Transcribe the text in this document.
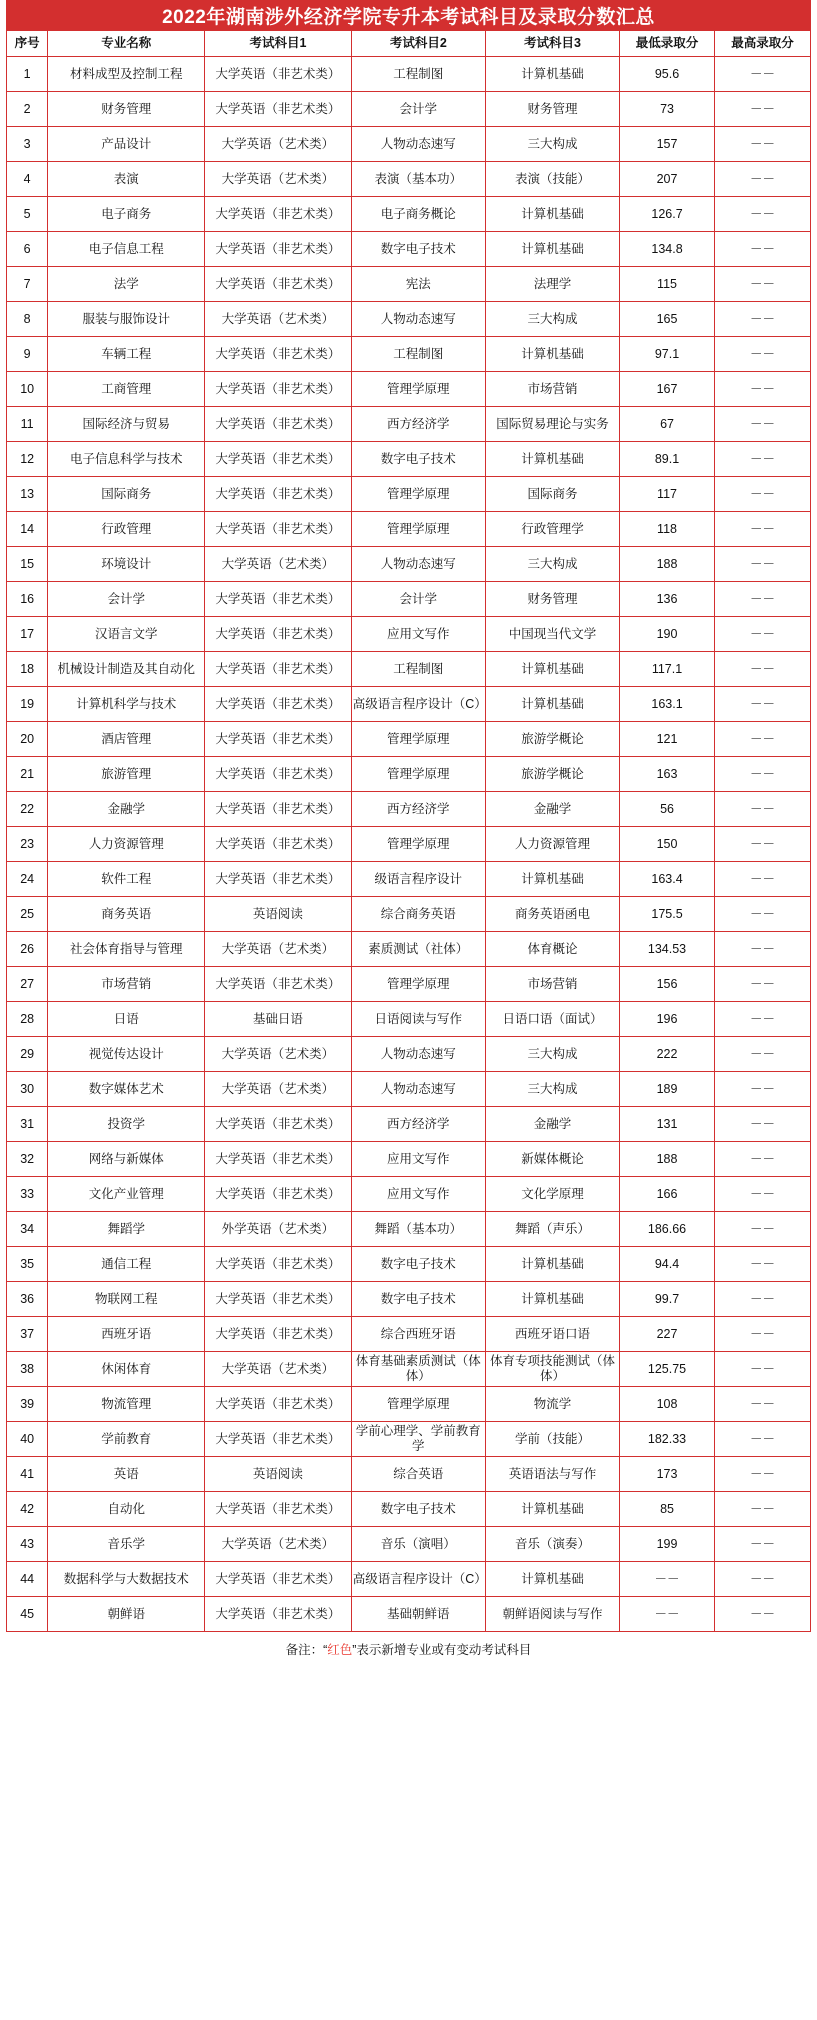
2022年湖南涉外经济学院专升本考试科目及录取分数汇总
序号	专业名称	考试科目1	考试科目2	考试科目3	最低录取分	最高录取分
1	材料成型及控制工程	大学英语（非艺术类）	工程制图	计算机基础	95.6	－－
2	财务管理	大学英语（非艺术类）	会计学	财务管理	73	－－
3	产品设计	大学英语（艺术类）	人物动态速写	三大构成	157	－－
4	表演	大学英语（艺术类）	表演（基本功）	表演（技能）	207	－－
5	电子商务	大学英语（非艺术类）	电子商务概论	计算机基础	126.7	－－
6	电子信息工程	大学英语（非艺术类）	数字电子技术	计算机基础	134.8	－－
7	法学	大学英语（非艺术类）	宪法	法理学	115	－－
8	服装与服饰设计	大学英语（艺术类）	人物动态速写	三大构成	165	－－
9	车辆工程	大学英语（非艺术类）	工程制图	计算机基础	97.1	－－
10	工商管理	大学英语（非艺术类）	管理学原理	市场营销	167	－－
11	国际经济与贸易	大学英语（非艺术类）	西方经济学	国际贸易理论与实务	67	－－
12	电子信息科学与技术	大学英语（非艺术类）	数字电子技术	计算机基础	89.1	－－
13	国际商务	大学英语（非艺术类）	管理学原理	国际商务	117	－－
14	行政管理	大学英语（非艺术类）	管理学原理	行政管理学	118	－－
15	环境设计	大学英语（艺术类）	人物动态速写	三大构成	188	－－
16	会计学	大学英语（非艺术类）	会计学	财务管理	136	－－
17	汉语言文学	大学英语（非艺术类）	应用文写作	中国现当代文学	190	－－
18	机械设计制造及其自动化	大学英语（非艺术类）	工程制图	计算机基础	117.1	－－
19	计算机科学与技术	大学英语（非艺术类）	高级语言程序设计（C）	计算机基础	163.1	－－
20	酒店管理	大学英语（非艺术类）	管理学原理	旅游学概论	121	－－
21	旅游管理	大学英语（非艺术类）	管理学原理	旅游学概论	163	－－
22	金融学	大学英语（非艺术类）	西方经济学	金融学	56	－－
23	人力资源管理	大学英语（非艺术类）	管理学原理	人力资源管理	150	－－
24	软件工程	大学英语（非艺术类）	级语言程序设计	计算机基础	163.4	－－
25	商务英语	英语阅读	综合商务英语	商务英语函电	175.5	－－
26	社会体育指导与管理	大学英语（艺术类）	素质测试（社体）	体育概论	134.53	－－
27	市场营销	大学英语（非艺术类）	管理学原理	市场营销	156	－－
28	日语	基础日语	日语阅读与写作	日语口语（面试）	196	－－
29	视觉传达设计	大学英语（艺术类）	人物动态速写	三大构成	222	－－
30	数字媒体艺术	大学英语（艺术类）	人物动态速写	三大构成	189	－－
31	投资学	大学英语（非艺术类）	西方经济学	金融学	131	－－
32	网络与新媒体	大学英语（非艺术类）	应用文写作	新媒体概论	188	－－
33	文化产业管理	大学英语（非艺术类）	应用文写作	文化学原理	166	－－
34	舞蹈学	外学英语（艺术类）	舞蹈（基本功）	舞蹈（声乐）	186.66	－－
35	通信工程	大学英语（非艺术类）	数字电子技术	计算机基础	94.4	－－
36	物联网工程	大学英语（非艺术类）	数字电子技术	计算机基础	99.7	－－
37	西班牙语	大学英语（非艺术类）	综合西班牙语	西班牙语口语	227	－－
38	休闲体育	大学英语（艺术类）	体育基础素质测试（体体）	体育专项技能测试（体体）	125.75	－－
39	物流管理	大学英语（非艺术类）	管理学原理	物流学	108	－－
40	学前教育	大学英语（非艺术类）	学前心理学、学前教育学	学前（技能）	182.33	－－
41	英语	英语阅读	综合英语	英语语法与写作	173	－－
42	自动化	大学英语（非艺术类）	数字电子技术	计算机基础	85	－－
43	音乐学	大学英语（艺术类）	音乐（演唱）	音乐（演奏）	199	－－
44	数据科学与大数据技术	大学英语（非艺术类）	高级语言程序设计（C）	计算机基础	－－	－－
45	朝鲜语	大学英语（非艺术类）	基础朝鲜语	朝鲜语阅读与写作	－－	－－
备注：“红色”表示新增专业或有变动考试科目
